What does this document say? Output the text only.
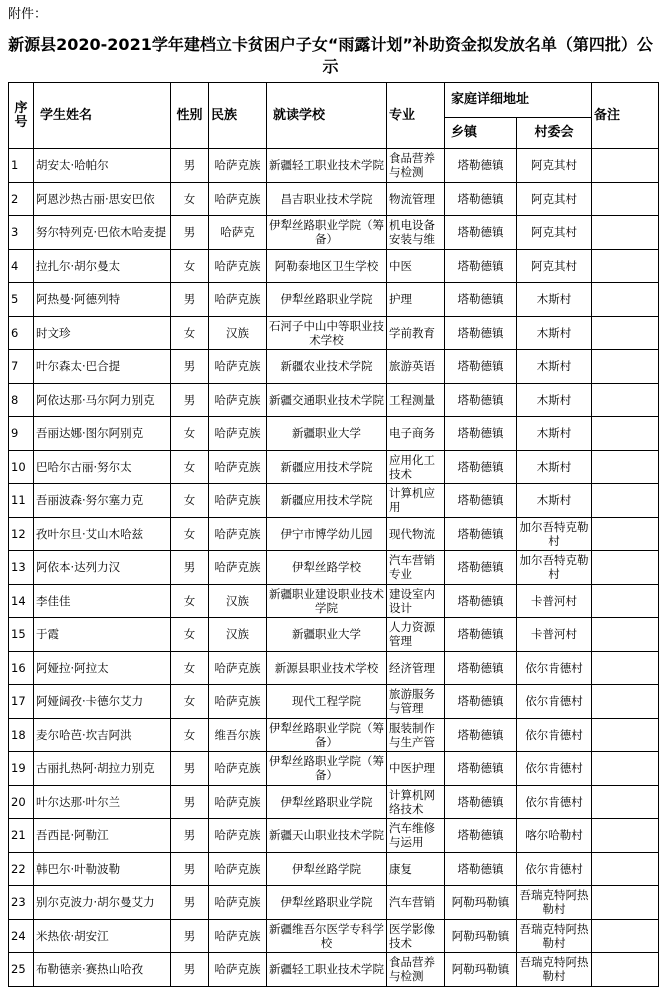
附件：
新源县2020-2021学年建档立卡贫困户子女“雨露计划”补助资金拟发放名单（第四批）公示
序号	学生姓名	性别	民族	就读学校	专业	家庭详细地址		备注
						乡镇	村委会	
1	胡安太·哈帕尔	男	哈萨克族	新疆轻工职业技术学院	食品营养与检测	塔勒德镇	阿克其村	
2	阿恩沙热古丽·思安巴依	女	哈萨克族	昌吉职业技术学院	物流管理	塔勒德镇	阿克其村	
3	努尔特列克·巴依木哈麦提	男	哈萨克	伊犁丝路职业学院（筹备）	机电设备安装与维	塔勒德镇	阿克其村	
4	拉扎尔·胡尔曼太	女	哈萨克族	阿勒泰地区卫生学校	中医	塔勒德镇	阿克其村	
5	阿热曼·阿德列特	男	哈萨克族	伊犁丝路职业学院	护理	塔勒德镇	木斯村	
6	时文珍	女	汉族	石河子中山中等职业技术学校	学前教育	塔勒德镇	木斯村	
7	叶尔森太·巴合提	男	哈萨克族	新疆农业技术学院	旅游英语	塔勒德镇	木斯村	
8	阿依达那·马尔阿力别克	男	哈萨克族	新疆交通职业技术学院	工程测量	塔勒德镇	木斯村	
9	吾丽达娜·图尔阿别克	女	哈萨克族	新疆职业大学	电子商务	塔勒德镇	木斯村	
10	巴哈尔古丽·努尔太	女	哈萨克族	新疆应用技术学院	应用化工技术	塔勒德镇	木斯村	
11	吾丽波森·努尔塞力克	女	哈萨克族	新疆应用技术学院	计算机应用	塔勒德镇	木斯村	
12	孜叶尔旦·艾山木哈兹	女	哈萨克族	伊宁市博学幼儿园	现代物流	塔勒德镇	加尔吾特克勒村	
13	阿依本·达列力汉	男	哈萨克族	伊犁丝路学校	汽车营销专业	塔勒德镇	加尔吾特克勒村	
14	李佳佳	女	汉族	新疆职业建设职业技术学院	建设室内设计	塔勒德镇	卡普河村	
15	于霞	女	汉族	新疆职业大学	人力资源管理	塔勒德镇	卡普河村	
16	阿娅拉·阿拉太	女	哈萨克族	新源县职业技术学校	经济管理	塔勒德镇	依尔肯德村	
17	阿娅阔孜·卡德尔艾力	女	哈萨克族	现代工程学院	旅游服务与管理	塔勒德镇	依尔肯德村	
18	麦尔哈芭·坎吉阿洪	女	维吾尔族	伊犁丝路职业学院（筹备）	服装制作与生产管	塔勒德镇	依尔肯德村	
19	古丽扎热阿·胡拉力别克	男	哈萨克族	伊犁丝路职业学院（筹备）	中医护理	塔勒德镇	依尔肯德村	
20	叶尔达那·叶尔兰	男	哈萨克族	伊犁丝路职业学院	计算机网络技术	塔勒德镇	依尔肯德村	
21	吾西昆·阿勒江	男	哈萨克族	新疆天山职业技术学院	汽车维修与运用	塔勒德镇	喀尔哈勒村	
22	韩巴尔·叶勒波勒	男	哈萨克族	伊犁丝路学院	康复	塔勒德镇	依尔肯德村	
23	别尔克波力·胡尔曼艾力	男	哈萨克族	伊犁丝路职业学院	汽车营销	阿勒玛勒镇	吾瑞克特阿热勒村	
24	米热依·胡安江	男	哈萨克族	新疆维吾尔医学专科学校	医学影像技术	阿勒玛勒镇	吾瑞克特阿热勒村	
25	布勒德亲·赛热山哈孜	男	哈萨克族	新疆轻工职业技术学院	食品营养与检测	阿勒玛勒镇	吾瑞克特阿热勒村	
